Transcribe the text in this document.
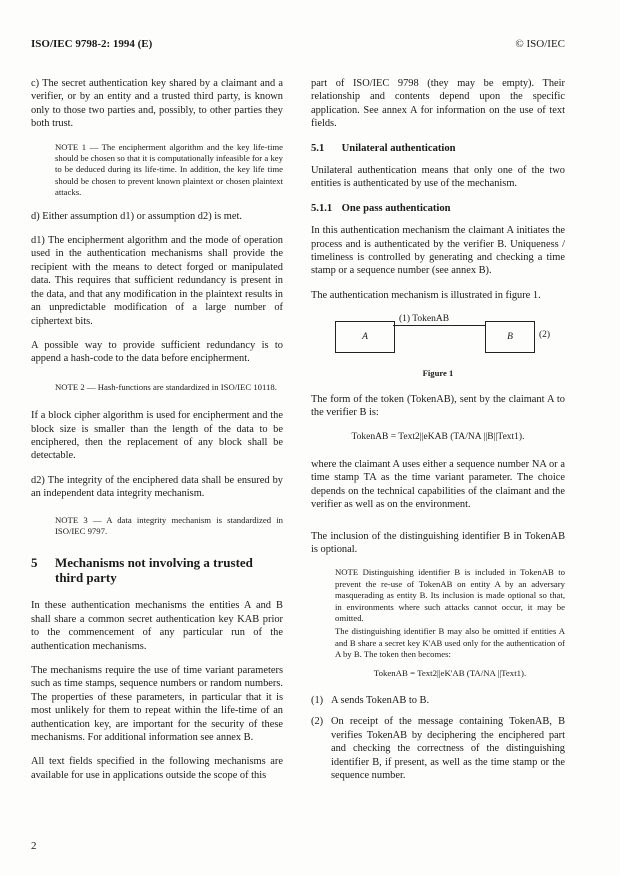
ISO/IEC 9798-2: 1994 (E)	© ISO/IEC

c) The secret authentication key shared by a claimant and a verifier, or by an entity and a trusted third party, is known only to those two parties and, possibly, to other parties they both trust.

NOTE 1 — The encipherment algorithm and the key life-time should be chosen so that it is computationally infeasible for a key to be deduced during its life-time. In addition, the key life time should be chosen to prevent known plaintext or chosen plaintext attacks.

d) Either assumption d1) or assumption d2) is met.

d1) The encipherment algorithm and the mode of operation used in the authentication mechanisms shall provide the recipient with the means to detect forged or manipulated data. This requires that sufficient redundancy is present in the data, and that any modification in the plaintext results in an unpredictable modification of a large number of ciphertext bits.

A possible way to provide sufficient redundancy is to append a hash-code to the data before encipherment.

NOTE 2 — Hash-functions are standardized in ISO/IEC 10118.

If a block cipher algorithm is used for encipherment and the block size is smaller than the length of the data to be enciphered, then the replacement of any block shall be detectable.

d2) The integrity of the enciphered data shall be ensured by an independent data integrity mechanism.

NOTE 3 — A data integrity mechanism is standardized in ISO/IEC 9797.
5	Mechanisms not involving a trusted third party

In these authentication mechanisms the entities A and B shall share a common secret authentication key KAB prior to the commencement of any particular run of the authentication mechanisms.

The mechanisms require the use of time variant parameters such as time stamps, sequence numbers or random numbers. The properties of these parameters, in particular that it is most unlikely for them to repeat within the life-time of an authentication key, are important for the security of these mechanisms. For additional information see annex B.

All text fields specified in the following mechanisms are available for use in applications outside the scope of this

part of ISO/IEC 9798 (they may be empty). Their relationship and contents depend upon the specific application. See annex A for information on the use of text fields.

5.1 Unilateral authentication

Unilateral authentication means that only one of the two entities is authenticated by use of the mechanism.

5.1.1 One pass authentication

In this authentication mechanism the claimant A initiates the process and is authenticated by the verifier B. Uniqueness / timeliness is controlled by generating and checking a time stamp or a sequence number (see annex B).

The authentication mechanism is illustrated in figure 1.

A
(1) TokenAB
B	(2)
Figure 1

The form of the token (TokenAB), sent by the claimant A to the verifier B is:

TokenAB = Text2||eKAB (TA/NA ||B||Text1).

where the claimant A uses either a sequence number NA or a time stamp TA as the time variant parameter. The choice depends on the technical capabilities of the claimant and the verifier as well as on the environment.

The inclusion of the distinguishing identifier B in TokenAB is optional.

NOTE Distinguishing identifier B is included in TokenAB to prevent the re-use of TokenAB on entity A by an adversary masquerading as entity B. Its inclusion is made optional so that, in environments where such attacks cannot occur, it may be omitted.
The distinguishing identifier B may also be omitted if entities A and B share a secret key K'AB used only for the authentication of A by B. The token then becomes:
TokenAB = Text2||eK'AB (TA/NA ||Text1).
(1) A sends TokenAB to B.
(2) On receipt of the message containing TokenAB, B verifies TokenAB by deciphering the enciphered part and checking the correctness of the distinguishing identifier B, if present, as well as the time stamp or the sequence number.
2
